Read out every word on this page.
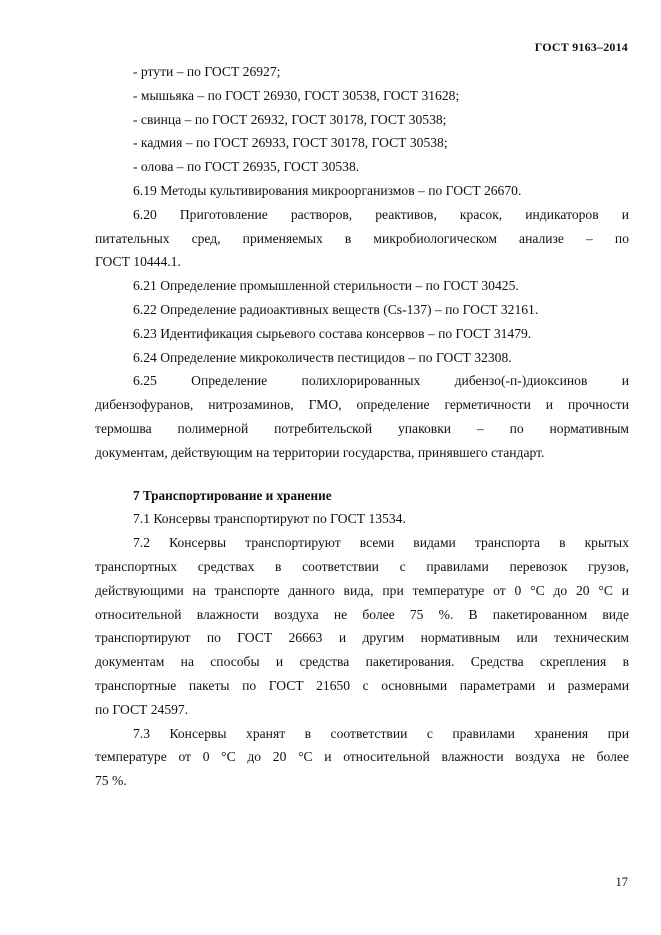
ГОСТ 9163–2014
- ртути – по ГОСТ 26927;
- мышьяка – по ГОСТ 26930, ГОСТ 30538, ГОСТ 31628;
- свинца – по ГОСТ 26932, ГОСТ 30178, ГОСТ 30538;
- кадмия – по ГОСТ 26933, ГОСТ 30178, ГОСТ 30538;
- олова – по ГОСТ 26935, ГОСТ 30538.
6.19 Методы культивирования микроорганизмов – по ГОСТ 26670.
6.20 Приготовление растворов, реактивов, красок, индикаторов и
питательных сред, применяемых в микробиологическом анализе – по
ГОСТ 10444.1.
6.21 Определение промышленной стерильности – по ГОСТ 30425.
6.22 Определение радиоактивных веществ (Cs-137) – по ГОСТ 32161.
6.23 Идентификация сырьевого состава консервов – по ГОСТ 31479.
6.24 Определение микроколичеств пестицидов – по ГОСТ 32308.
6.25 Определение полихлорированных дибензо(-п-)диоксинов и
дибензофуранов, нитрозаминов, ГМО, определение герметичности и прочности
термошва полимерной потребительской упаковки – по нормативным
документам, действующим на территории государства, принявшего стандарт.
7 Транспортирование и хранение
7.1 Консервы транспортируют по ГОСТ 13534.
7.2 Консервы транспортируют всеми видами транспорта в крытых
транспортных средствах в соответствии с правилами перевозок грузов,
действующими на транспорте данного вида, при температуре от 0 °С до 20 °С и
относительной влажности воздуха не более 75 %. В пакетированном виде
транспортируют по ГОСТ 26663 и другим нормативным или техническим
документам на способы и средства пакетирования. Средства скрепления в
транспортные пакеты по ГОСТ 21650 с основными параметрами и размерами
по ГОСТ 24597.
7.3 Консервы хранят в соответствии с правилами хранения при
температуре от 0 °С до 20 °С и относительной влажности воздуха не более
75 %.
17
